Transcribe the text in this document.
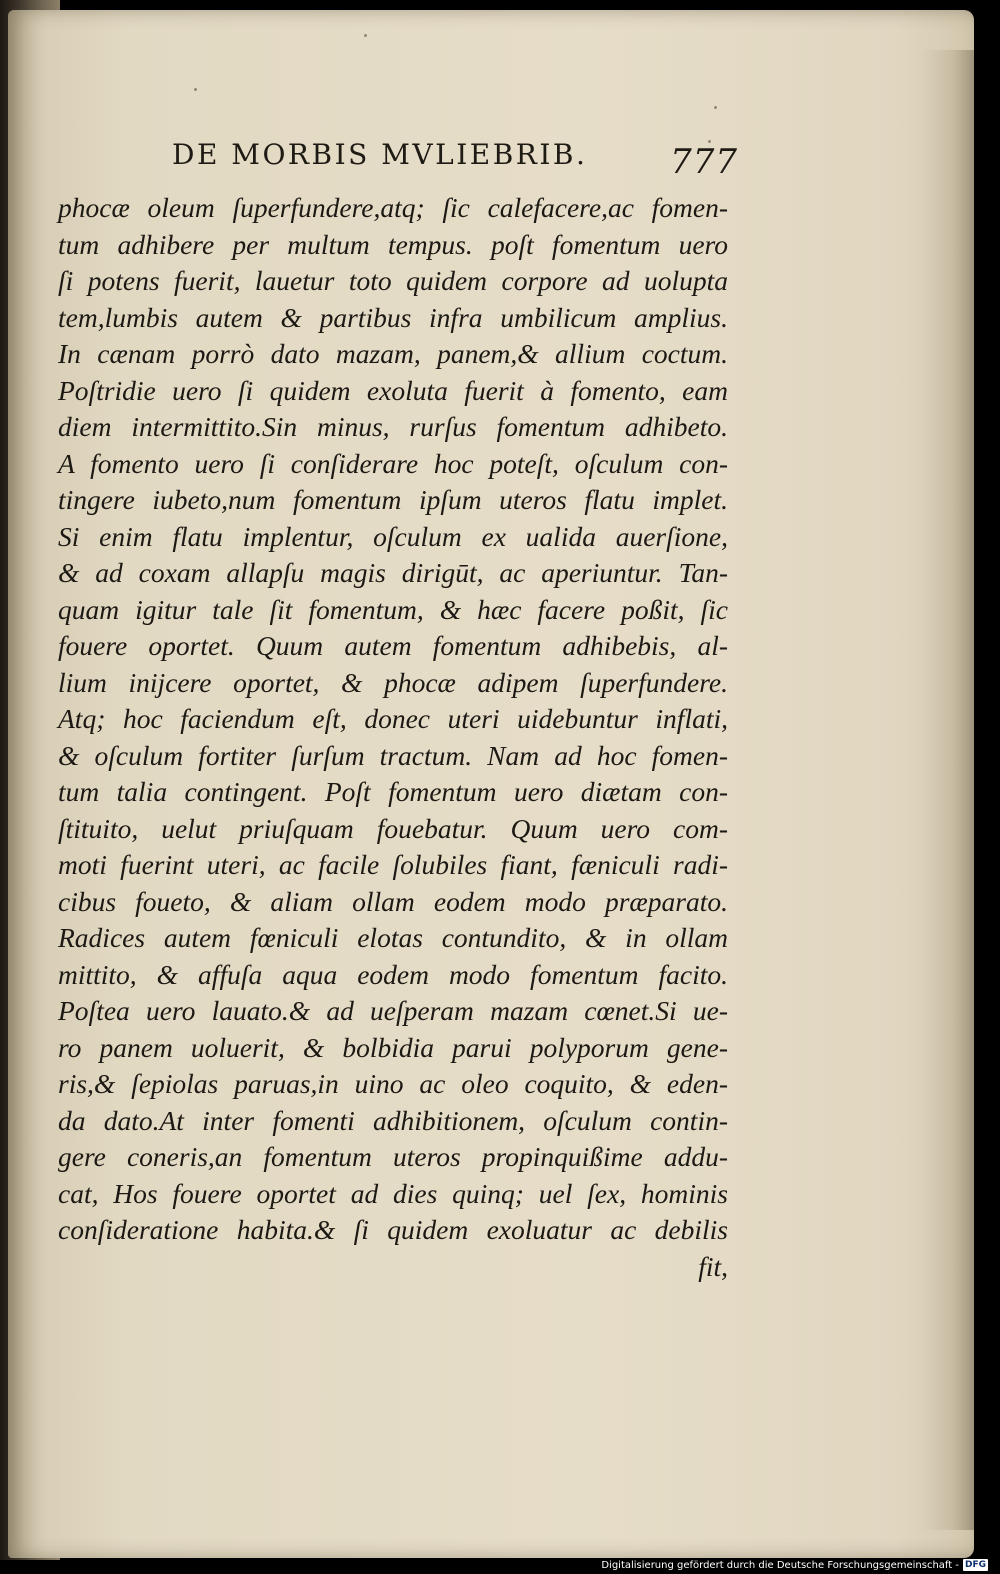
DE MORBIS MVLIEBRIB. 777
phocæ oleum ſuperfundere,atq; ſic calefacere,ac fomen-
tum adhibere per multum tempus. poſt fomentum uero
ſi potens fuerit, lauetur toto quidem corpore ad uolupta
tem,lumbis autem & partibus infra umbilicum amplius.
In cænam porrò dato mazam, panem,& allium coctum.
Poſtridie uero ſi quidem exoluta fuerit à fomento, eam
diem intermittito.Sin minus, rurſus fomentum adhibeto.
A fomento uero ſi conſiderare hoc poteſt, oſculum con-
tingere iubeto,num fomentum ipſum uteros flatu implet.
Si enim flatu implentur, oſculum ex ualida auerſione,
& ad coxam allapſu magis dirigūt, ac aperiuntur. Tan-
quam igitur tale ſit fomentum, & hæc facere poßit, ſic
fouere oportet. Quum autem fomentum adhibebis, al-
lium inijcere oportet, & phocæ adipem ſuperfundere.
Atq; hoc faciendum eſt, donec uteri uidebuntur inflati,
& oſculum fortiter ſurſum tractum. Nam ad hoc fomen-
tum talia contingent. Poſt fomentum uero diætam con-
ſtituito, uelut priuſquam fouebatur. Quum uero com-
moti fuerint uteri, ac facile ſolubiles fiant, fæniculi radi-
cibus foueto, & aliam ollam eodem modo præparato.
Radices autem fœniculi elotas contundito, & in ollam
mittito, & affuſa aqua eodem modo fomentum facito.
Poſtea uero lauato.& ad ueſperam mazam cœnet.Si ue-
ro panem uoluerit, & bolbidia parui polyporum gene-
ris,& ſepiolas paruas,in uino ac oleo coquito, & eden-
da dato.At inter fomenti adhibitionem, oſculum contin-
gere coneris,an fomentum uteros propinquißime addu-
cat, Hos fouere oportet ad dies quinq; uel ſex, hominis
conſideratione habita.& ſi quidem exoluatur ac debilis
fit,
Digitalisierung gefördert durch die Deutsche Forschungsgemeinschaft - DFG
